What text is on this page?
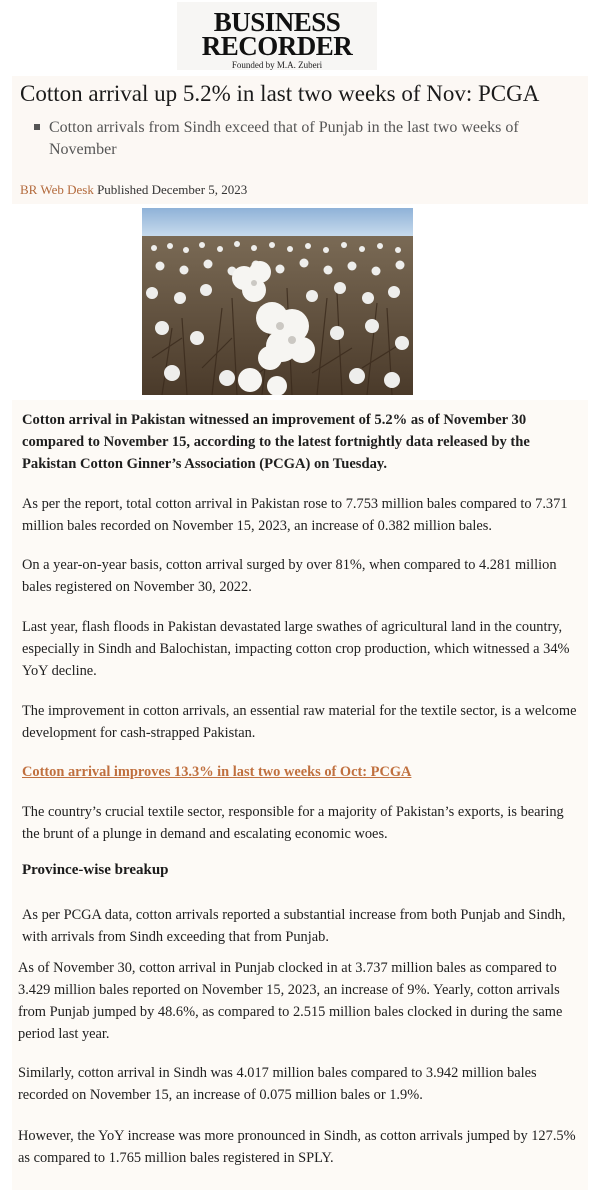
BUSINESS
RECORDER
Founded by M.A. Zuberi
Cotton arrival up 5.2% in last two weeks of Nov: PCGA
Cotton arrivals from Sindh exceed that of Punjab in the last two weeks of November
BR Web Desk Published December 5, 2023

Cotton arrival in Pakistan witnessed an improvement of 5.2% as of November 30 compared to November 15, according to the latest fortnightly data released by the Pakistan Cotton Ginner’s Association (PCGA) on Tuesday.

As per the report, total cotton arrival in Pakistan rose to 7.753 million bales compared to 7.371 million bales recorded on November 15, 2023, an increase of 0.382 million bales.

On a year-on-year basis, cotton arrival surged by over 81%, when compared to 4.281 million bales registered on November 30, 2022.

Last year, flash floods in Pakistan devastated large swathes of agricultural land in the country, especially in Sindh and Balochistan, impacting cotton crop production, which witnessed a 34% YoY decline.

The improvement in cotton arrivals, an essential raw material for the textile sector, is a welcome development for cash-strapped Pakistan.

Cotton arrival improves 13.3% in last two weeks of Oct: PCGA

The country’s crucial textile sector, responsible for a majority of Pakistan’s exports, is bearing the brunt of a plunge in demand and escalating economic woes.

Province-wise breakup

As per PCGA data, cotton arrivals reported a substantial increase from both Punjab and Sindh, with arrivals from Sindh exceeding that from Punjab.

As of November 30, cotton arrival in Punjab clocked in at 3.737 million bales as compared to 3.429 million bales reported on November 15, 2023, an increase of 9%. Yearly, cotton arrivals from Punjab jumped by 48.6%, as compared to 2.515 million bales clocked in during the same period last year.

Similarly, cotton arrival in Sindh was 4.017 million bales compared to 3.942 million bales recorded on November 15, an increase of 0.075 million bales or 1.9%.

However, the YoY increase was more pronounced in Sindh, as cotton arrivals jumped by 127.5% as compared to 1.765 million bales registered in SPLY.
